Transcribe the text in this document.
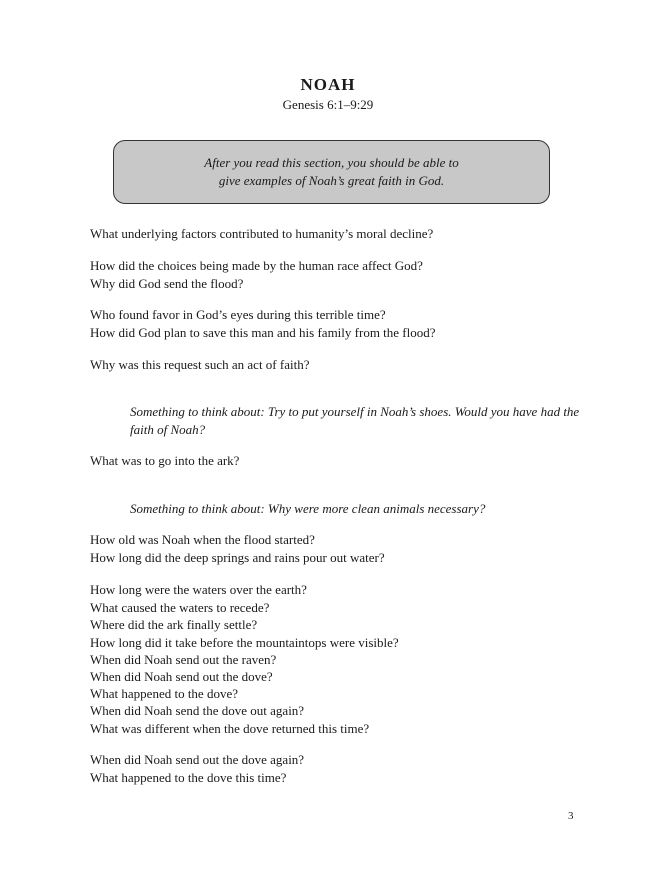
NOAH
Genesis 6:1–9:29
After you read this section, you should be able to
give examples of Noah’s great faith in God.
What underlying factors contributed to humanity’s moral decline?
How did the choices being made by the human race affect God?
Why did God send the flood?
Who found favor in God’s eyes during this terrible time?
How did God plan to save this man and his family from the flood?
Why was this request such an act of faith?
Something to think about: Try to put yourself in Noah’s shoes. Would you have had the faith of Noah?
What was to go into the ark?
Something to think about: Why were more clean animals necessary?
How old was Noah when the flood started?
How long did the deep springs and rains pour out water?
How long were the waters over the earth?
What caused the waters to recede?
Where did the ark finally settle?
How long did it take before the mountaintops were visible?
When did Noah send out the raven?
When did Noah send out the dove?
What happened to the dove?
When did Noah send the dove out again?
What was different when the dove returned this time?
When did Noah send out the dove again?
What happened to the dove this time?
3
